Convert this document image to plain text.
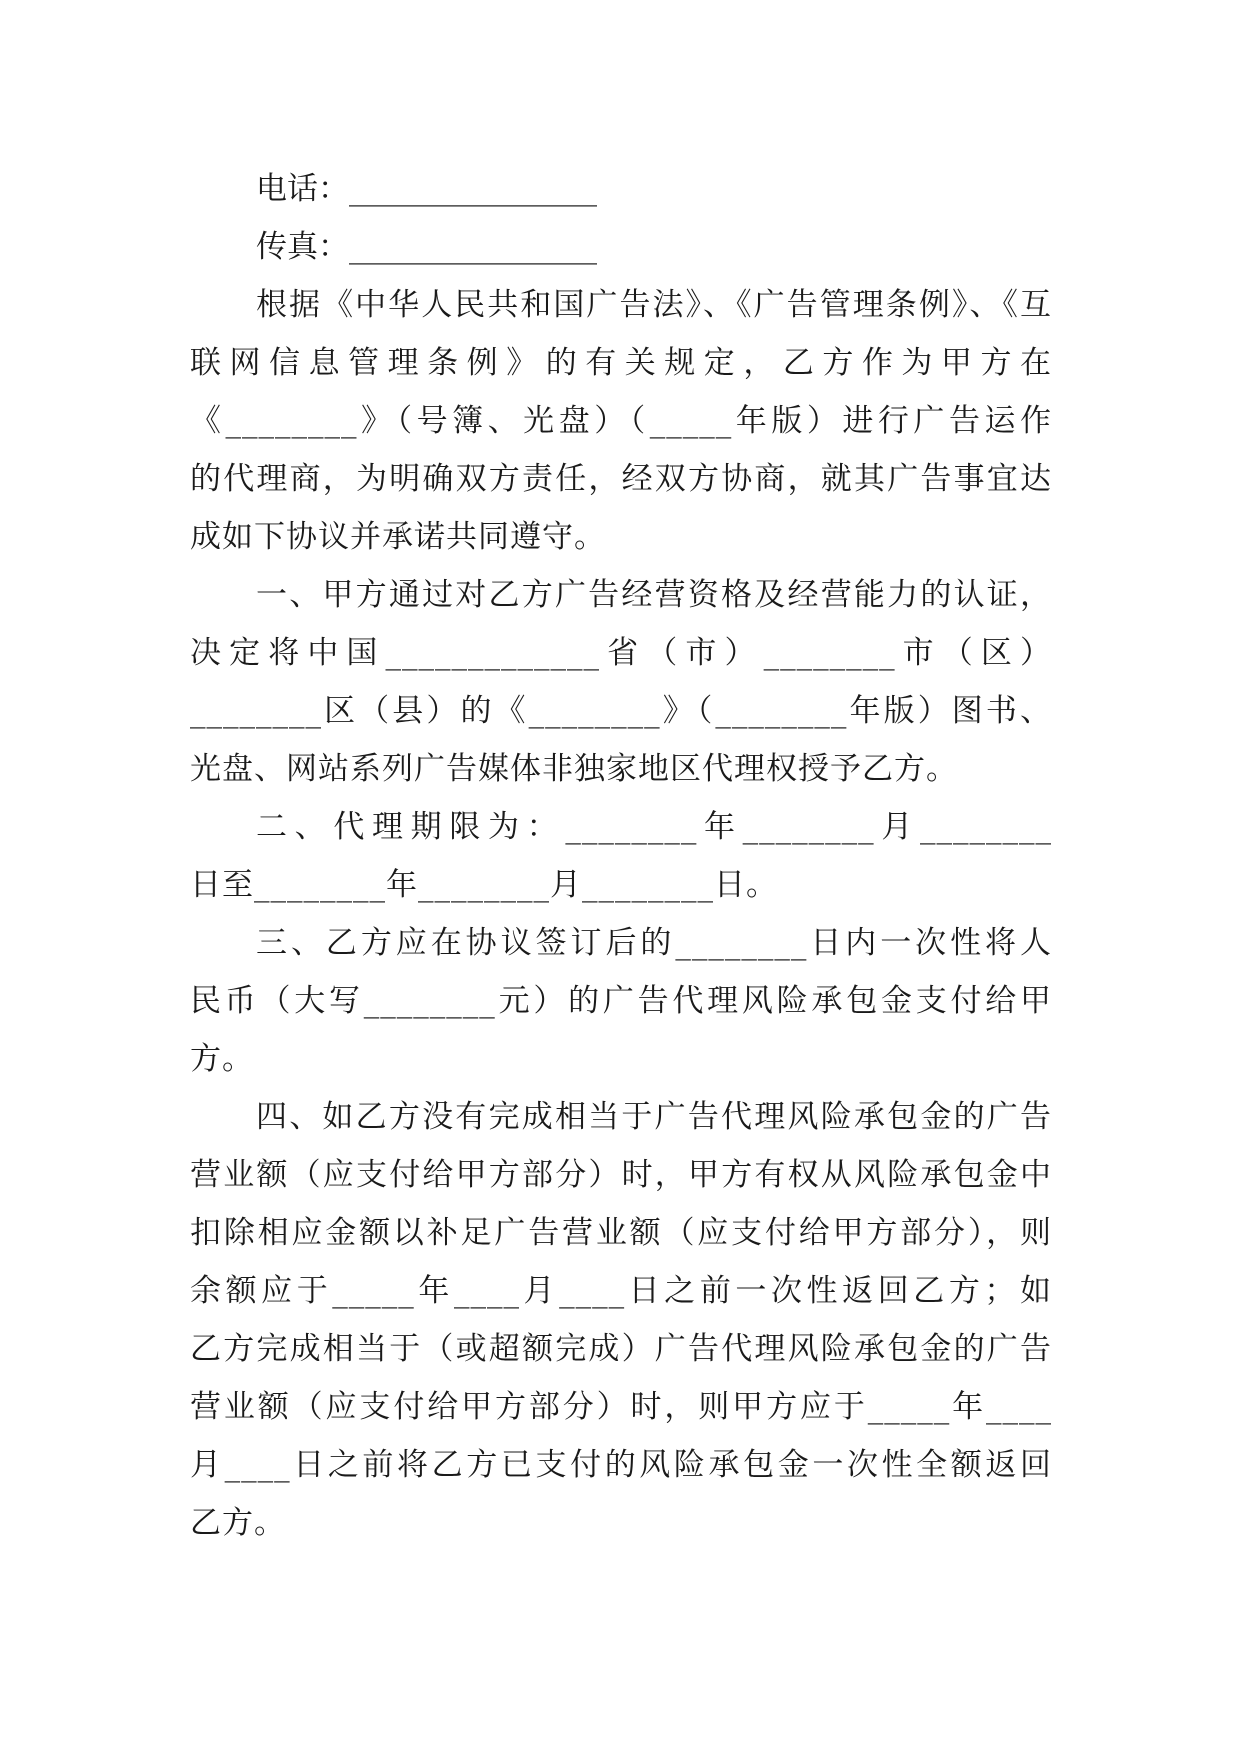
电话：________________
传真：________________
根据《中华人民共和国广告法》、《广告管理条例》、《互
联网信息管理条例》的有关规定，乙方作为甲方在
《________》（号簿、光盘）（_____年版）进行广告运作
的代理商，为明确双方责任，经双方协商，就其广告事宜达
成如下协议并承诺共同遵守。
一、甲方通过对乙方广告经营资格及经营能力的认证，
决定将中国_____________省（市）________市（区）
________区（县）的《________》（________年版）图书、
光盘、网站系列广告媒体非独家地区代理权授予乙方。
二、代理期限为：________年________月________
日至________年________月________日。
三、乙方应在协议签订后的________日内一次性将人
民币（大写________元）的广告代理风险承包金支付给甲
方。
四、如乙方没有完成相当于广告代理风险承包金的广告
营业额（应支付给甲方部分）时，甲方有权从风险承包金中
扣除相应金额以补足广告营业额（应支付给甲方部分），则
余额应于_____年____月____日之前一次性返回乙方；如
乙方完成相当于（或超额完成）广告代理风险承包金的广告
营业额（应支付给甲方部分）时，则甲方应于_____年____
月____日之前将乙方已支付的风险承包金一次性全额返回
乙方。
